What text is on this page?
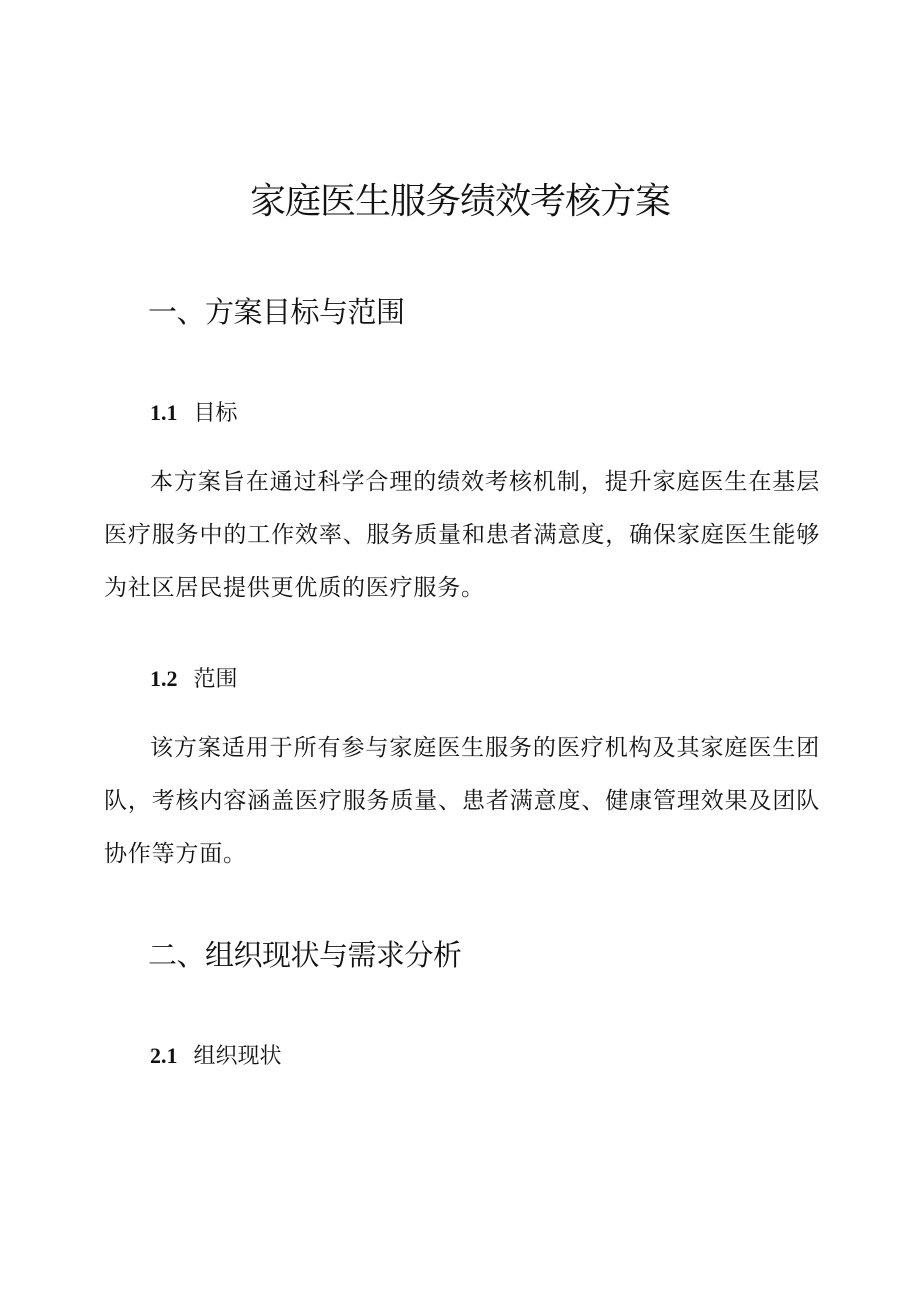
家庭医生服务绩效考核方案
一、方案目标与范围
1.1 目标

本方案旨在通过科学合理的绩效考核机制，提升家庭医生在基层医疗服务中的工作效率、服务质量和患者满意度，确保家庭医生能够为社区居民提供更优质的医疗服务。

1.2 范围

该方案适用于所有参与家庭医生服务的医疗机构及其家庭医生团队，考核内容涵盖医疗服务质量、患者满意度、健康管理效果及团队协作等方面。

二、组织现状与需求分析
2.1 组织现状
